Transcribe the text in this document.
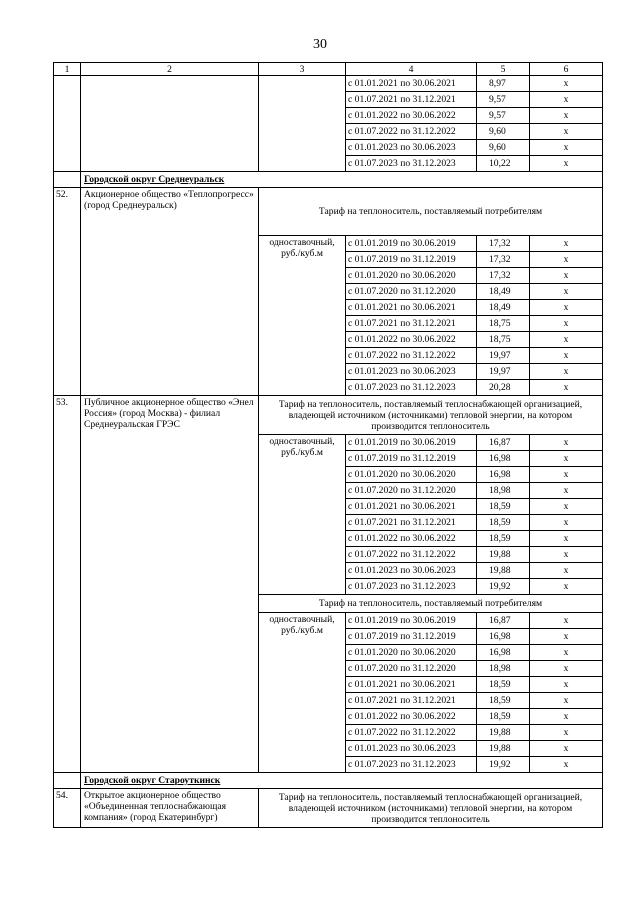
30
1	2	3	4	5	6
			с 01.01.2021 по 30.06.2021	8,97	х
			с 01.07.2021 по 31.12.2021	9,57	х
			с 01.01.2022 по 30.06.2022	9,57	х
			с 01.07.2022 по 31.12.2022	9,60	х
			с 01.01.2023 по 30.06.2023	9,60	х
			с 01.07.2023 по 31.12.2023	10,22	х
	Городской округ Среднеуральск				
52.	Акционерное общество «Теплопрогресс» (город Среднеуральск)	Тариф на теплоноситель, поставляемый потребителям			
		одноставочный, руб./куб.м	с 01.01.2019 по 30.06.2019	17,32	х
			с 01.07.2019 по 31.12.2019	17,32	х
			с 01.01.2020 по 30.06.2020	17,32	х
			с 01.07.2020 по 31.12.2020	18,49	х
			с 01.01.2021 по 30.06.2021	18,49	х
			с 01.07.2021 по 31.12.2021	18,75	х
			с 01.01.2022 по 30.06.2022	18,75	х
			с 01.07.2022 по 31.12.2022	19,97	х
			с 01.01.2023 по 30.06.2023	19,97	х
			с 01.07.2023 по 31.12.2023	20,28	х
53.	Публичное акционерное общество «Энел Россия» (город Москва) - филиал Среднеуральская ГРЭС	Тариф на теплоноситель, поставляемый теплоснабжающей организацией, владеющей источником (источниками) тепловой энергии, на котором производится теплоноситель			
		одноставочный, руб./куб.м	с 01.01.2019 по 30.06.2019	16,87	х
			с 01.07.2019 по 31.12.2019	16,98	х
			с 01.01.2020 по 30.06.2020	16,98	х
			с 01.07.2020 по 31.12.2020	18,98	х
			с 01.01.2021 по 30.06.2021	18,59	х
			с 01.07.2021 по 31.12.2021	18,59	х
			с 01.01.2022 по 30.06.2022	18,59	х
			с 01.07.2022 по 31.12.2022	19,88	х
			с 01.01.2023 по 30.06.2023	19,88	х
			с 01.07.2023 по 31.12.2023	19,92	х
		Тариф на теплоноситель, поставляемый потребителям			
		одноставочный, руб./куб.м	с 01.01.2019 по 30.06.2019	16,87	х
			с 01.07.2019 по 31.12.2019	16,98	х
			с 01.01.2020 по 30.06.2020	16,98	х
			с 01.07.2020 по 31.12.2020	18,98	х
			с 01.01.2021 по 30.06.2021	18,59	х
			с 01.07.2021 по 31.12.2021	18,59	х
			с 01.01.2022 по 30.06.2022	18,59	х
			с 01.07.2022 по 31.12.2022	19,88	х
			с 01.01.2023 по 30.06.2023	19,88	х
			с 01.07.2023 по 31.12.2023	19,92	х
	Городской округ Староуткинск				
54.	Открытое акционерное общество «Объединенная теплоснабжающая компания» (город Екатеринбург)	Тариф на теплоноситель, поставляемый теплоснабжающей организацией, владеющей источником (источниками) тепловой энергии, на котором производится теплоноситель			
